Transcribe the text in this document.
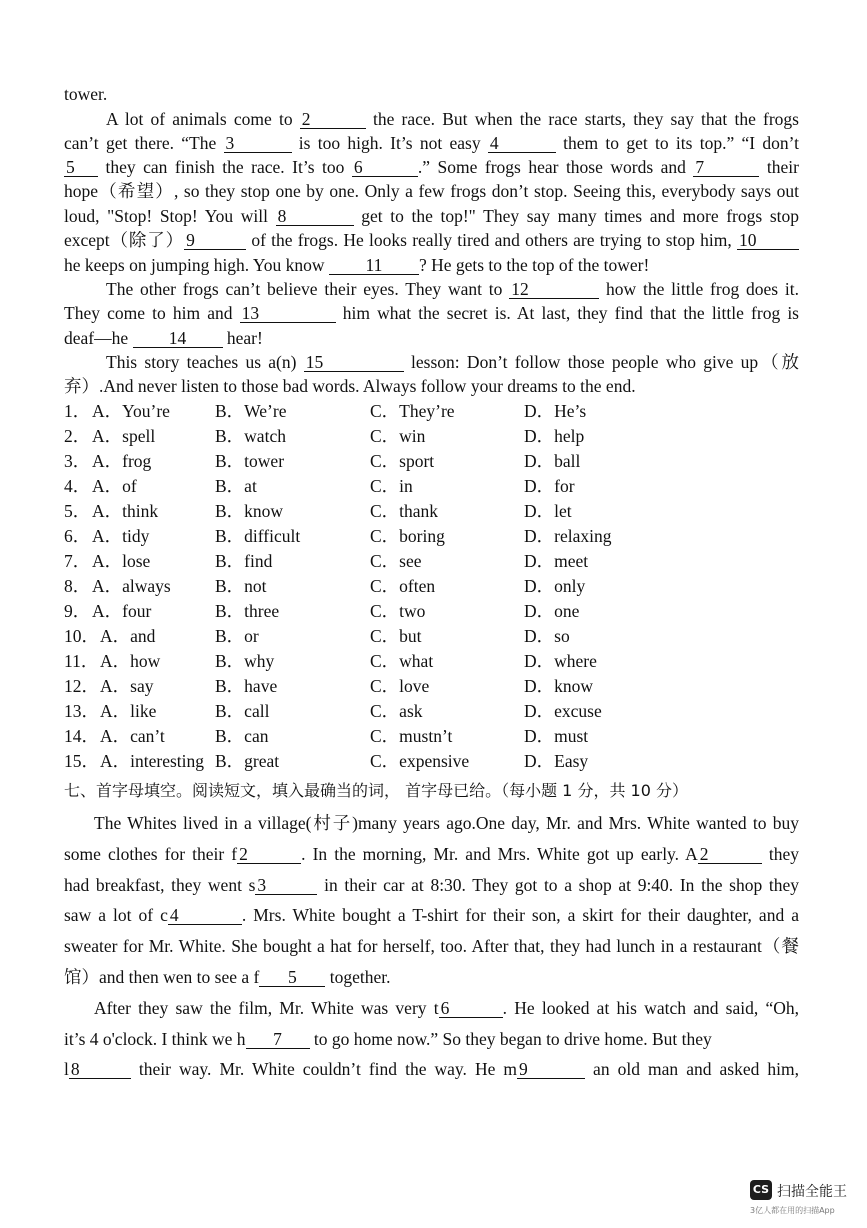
tower.
A lot of animals come to 2	the race. But when the race starts, they say that the frogs
can’t get there. “The 3	is too high. It’s not easy 4	them to get to its top.” “I don’t
5 they can finish the race. It’s too 6	.” Some frogs hear those words and 7	their
hope（希望）, so they stop one by one. Only a few frogs don’t stop. Seeing this, everybody says out
loud, "Stop! Stop! You will 8	get to the top!" They say many times and more frogs stop
except（除了） 9	of the frogs. He looks really tired and others are trying to stop him, 10
he keeps on jumping high. You know 11 ? He gets to the top of the tower!
The other frogs can’t believe their eyes. They want to 12	how the little frog does it.
They come to him and 13	him what the secret is. At last, they find that the little frog is
deaf—he 14 hear!
This story teaches us a(n) 15	lesson: Don’t follow those people who give up（放
弃）.And never listen to those bad words. Always follow your dreams to the end.
1． A．You’re	B．We’re	C．They’re	D．He’s
2． A．spell	B．watch	C．win	D．help
3． A．frog	B．tower	C．sport	D．ball
4． A．of	B．at	C．in	D．for
5． A．think	B．know	C．thank	D．let
6． A．tidy	B．difficult	C．boring	D．relaxing
7． A．lose	B．find	C．see	D．meet
8． A．always	B．not	C．often	D．only
9． A．four	B．three	C．two	D．one
10． A．and	B．or	C．but	D．so
11． A．how	B．why	C．what	D．where
12． A．say	B．have	C．love	D．know
13． A．like	B．call	C．ask	D．excuse
14． A．can’t	B．can	C．mustn’t	D．must
15． A．interesting B．great	C．expensive	D．Easy
七、首字母填空。阅读短文，填入最确当的词， 首字母已给。（每小题 1 分，共 10 分）
The Whites lived in a village(村子)many years ago.One day, Mr. and Mrs. White wanted to buy
some clothes for their f 2	. In the morning, Mr. and Mrs. White got up early. A 2	they
had breakfast, they went s 3	in their car at 8:30. They got to a shop at 9:40. In the shop they
saw a lot of c 4	. Mrs. White bought a T-shirt for their son, a skirt for their daughter, and a
sweater for Mr. White. She bought a hat for herself, too. After that, they had lunch in a restaurant（餐
馆）and then wen to see a f 5 together.
After they saw the film, Mr. White was very t 6	. He looked at his watch and said, “Oh,
it’s 4 o'clock. I think we h 7 to go home now.” So they began to drive home. But they
l 8	their way. Mr. White couldn’t find the way. He m 9	an old man and asked him,
CS 扫描全能王
3亿人都在用的扫描App
